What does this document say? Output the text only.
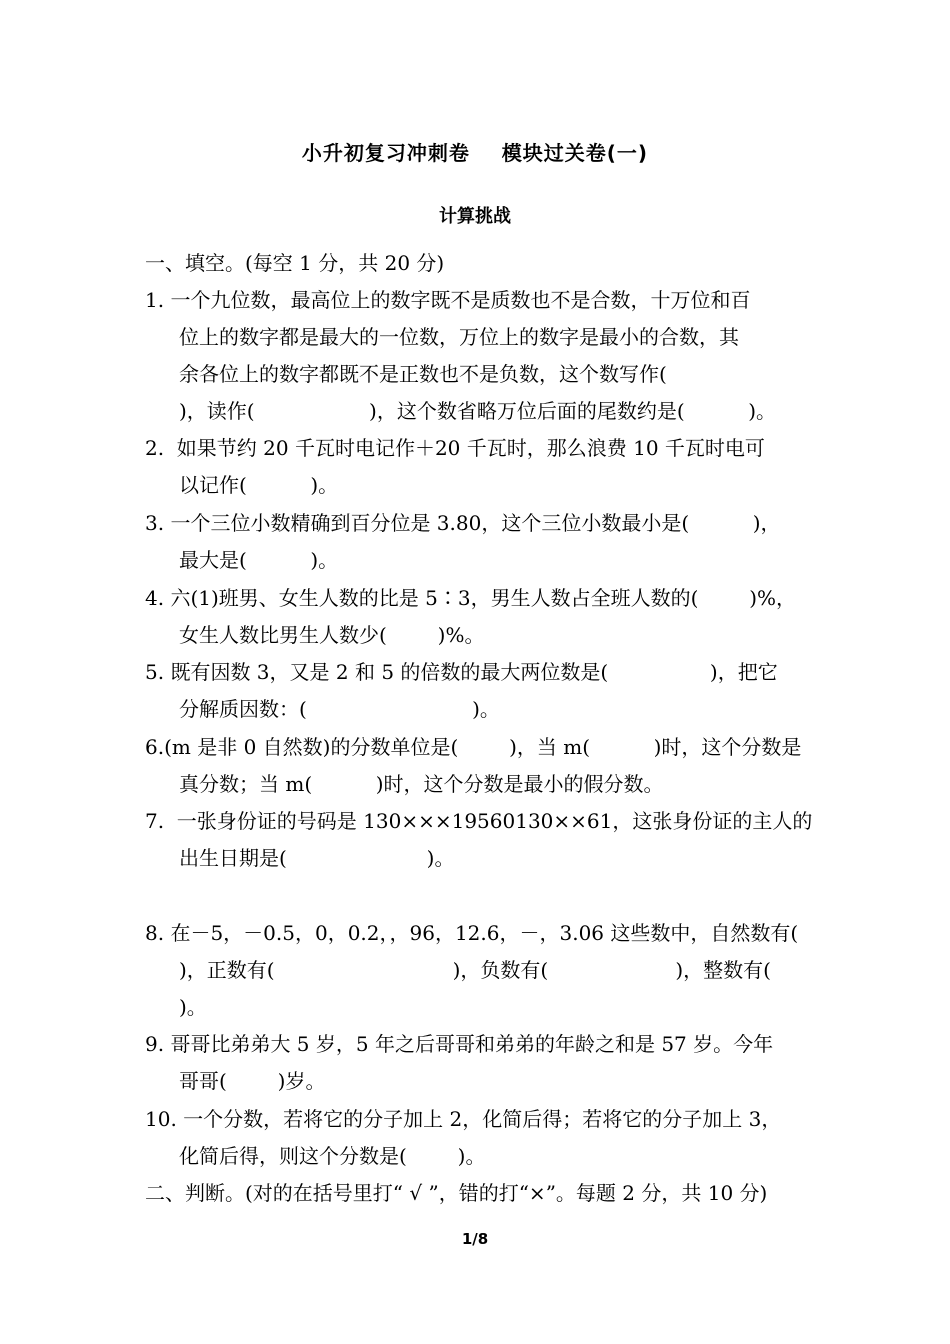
小升初复习冲刺卷    模块过关卷(一)
计算挑战
一、填空。(每空 1 分，共 20 分)
1. 一个九位数，最高位上的数字既不是质数也不是合数，十万位和百
位上的数字都是最大的一位数，万位上的数字是最小的合数，其
余各位上的数字都既不是正数也不是负数，这个数写作(
)，读作(                  )，这个数省略万位后面的尾数约是(          )。
2.  如果节约 20 千瓦时电记作＋20 千瓦时，那么浪费 10 千瓦时电可
以记作(          )。
3. 一个三位小数精确到百分位是 3.80，这个三位小数最小是(          )，
最大是(          )。
4. 六(1)班男、女生人数的比是 5∶3，男生人数占全班人数的(        )%，
女生人数比男生人数少(        )%。
5. 既有因数 3，又是 2 和 5 的倍数的最大两位数是(                )，把它
分解质因数：(                          )。
6.(m 是非 0 自然数)的分数单位是(        )，当 m(          )时，这个分数是
真分数；当 m(          )时，这个分数是最小的假分数。
7.  一张身份证的号码是 130×××19560130××61，这张身份证的主人的
出生日期是(                      )。
8. 在－5，－0.5，0，0.2，，96，12.6，－，3.06 这些数中，自然数有(
)，正数有(                            )，负数有(                    )，整数有(
)。
9. 哥哥比弟弟大 5 岁，5 年之后哥哥和弟弟的年龄之和是 57 岁。今年
哥哥(        )岁。
10. 一个分数，若将它的分子加上 2，化简后得；若将它的分子加上 3，
化简后得，则这个分数是(        )。
二、判断。(对的在括号里打“ √ ”，错的打“×”。每题 2 分，共 10 分)
1/8
